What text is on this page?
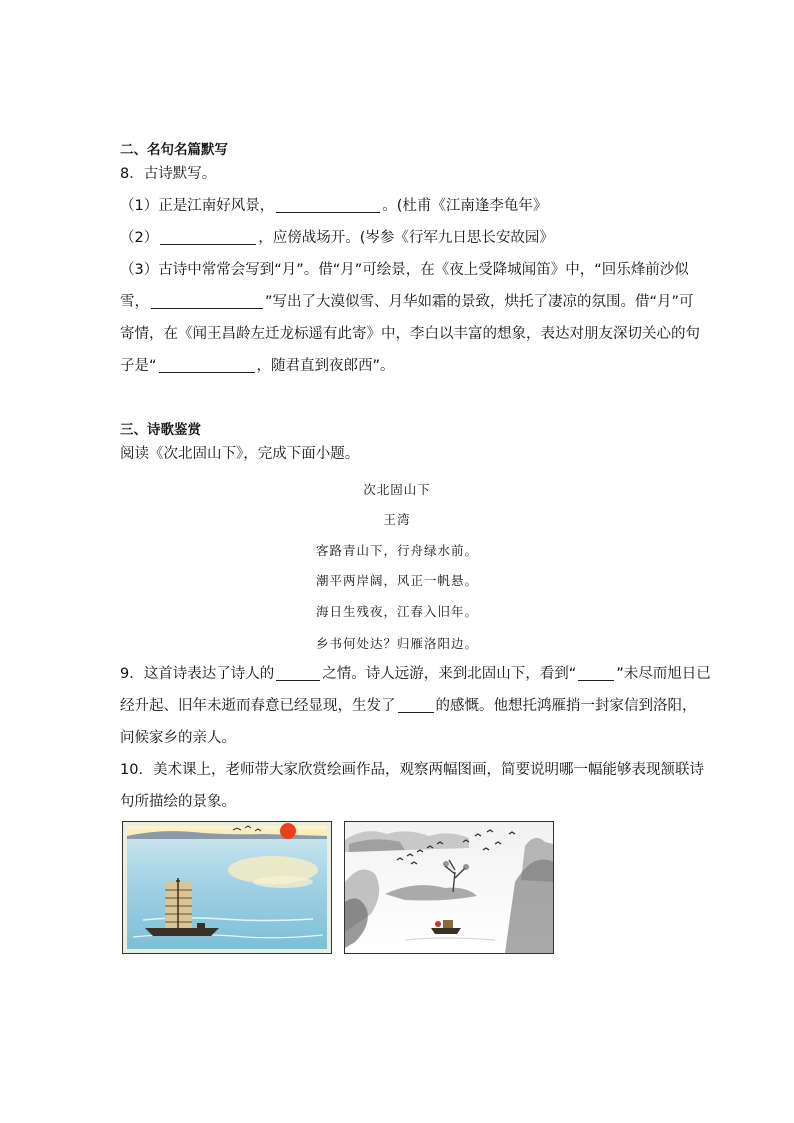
二、名句名篇默写
8．古诗默写。
（1）正是江南好风景，	。(杜甫《江南逢李龟年》
（2）	，应傍战场开。(岑参《行军九日思长安故园》
（3）古诗中常常会写到“月”。借“月”可绘景，在《夜上受降城闻笛》中，“回乐烽前沙似
雪，	”写出了大漠似雪、月华如霜的景致，烘托了凄凉的氛围。借“月”可
寄情，在《闻王昌龄左迁龙标遥有此寄》中，李白以丰富的想象，表达对朋友深切关心的句
子是“	，随君直到夜郎西”。
三、诗歌鉴赏
阅读《次北固山下》，完成下面小题。
次北固山下
王湾
客路青山下，行舟绿水前。
潮平两岸阔，风正一帆悬。
海日生残夜，江春入旧年。
乡书何处达？归雁洛阳边。
9．这首诗表达了诗人的	之情。诗人远游，来到北固山下，看到“	”未尽而旭日已
经升起、旧年未逝而春意已经显现，生发了	的感慨。他想托鸿雁捎一封家信到洛阳，
问候家乡的亲人。
10．美术课上，老师带大家欣赏绘画作品，观察两幅图画，简要说明哪一幅能够表现颔联诗
句所描绘的景象。
